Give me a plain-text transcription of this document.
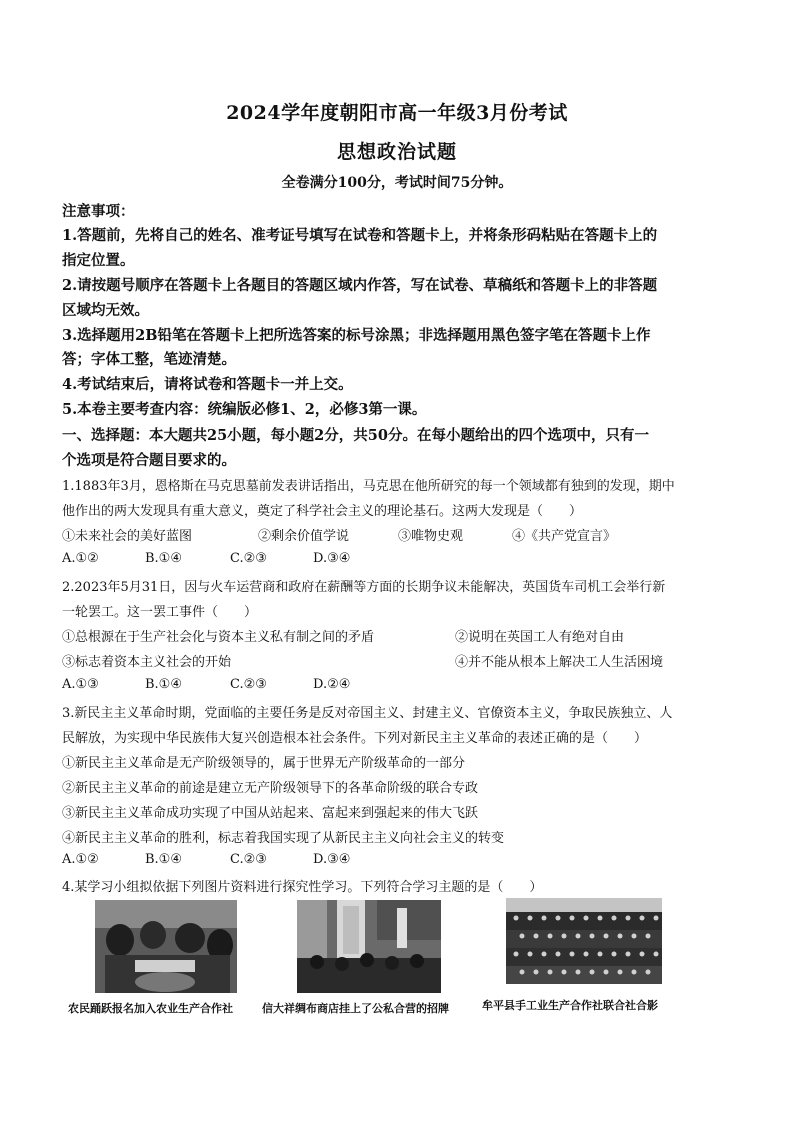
2024学年度朝阳市高一年级3月份考试
思想政治试题
全卷满分100分，考试时间75分钟。
注意事项：
1.答题前，先将自己的姓名、准考证号填写在试卷和答题卡上，并将条形码粘贴在答题卡上的
指定位置。
2.请按题号顺序在答题卡上各题目的答题区域内作答，写在试卷、草稿纸和答题卡上的非答题
区域均无效。
3.选择题用2B铅笔在答题卡上把所选答案的标号涂黑；非选择题用黑色签字笔在答题卡上作
答；字体工整，笔迹清楚。
4.考试结束后，请将试卷和答题卡一并上交。
5.本卷主要考查内容：统编版必修1、2，必修3第一课。
一、选择题：本大题共25小题，每小题2分，共50分。在每小题给出的四个选项中，只有一
个选项是符合题目要求的。
1.1883年3月，恩格斯在马克思墓前发表讲话指出，马克思在他所研究的每一个领域都有独到的发现，期中
他作出的两大发现具有重大意义，奠定了科学社会主义的理论基石。这两大发现是（　　）
①未来社会的美好蓝图	②剩余价值学说	③唯物史观	④《共产党宣言》
A.①②	B.①④	C.②③	D.③④
2.2023年5月31日，因与火车运营商和政府在薪酬等方面的长期争议未能解决，英国货车司机工会举行新
一轮罢工。这一罢工事件（　　）
①总根源在于生产社会化与资本主义私有制之间的矛盾	②说明在英国工人有绝对自由
③标志着资本主义社会的开始	④并不能从根本上解决工人生活困境
A.①③	B.①④	C.②③	D.②④
3.新民主主义革命时期，党面临的主要任务是反对帝国主义、封建主义、官僚资本主义，争取民族独立、人
民解放，为实现中华民族伟大复兴创造根本社会条件。下列对新民主主义革命的表述正确的是（　　）
①新民主主义革命是无产阶级领导的，属于世界无产阶级革命的一部分
②新民主主义革命的前途是建立无产阶级领导下的各革命阶级的联合专政
③新民主主义革命成功实现了中国从站起来、富起来到强起来的伟大飞跃
④新民主主义革命的胜利，标志着我国实现了从新民主主义向社会主义的转变
A.①②	B.①④	C.②③	D.③④
4.某学习小组拟依据下列图片资料进行探究性学习。下列符合学习主题的是（　　）
农民踊跃报名加入农业生产合作社	信大祥绸布商店挂上了公私合营的招牌	牟平县手工业生产合作社联合社合影
